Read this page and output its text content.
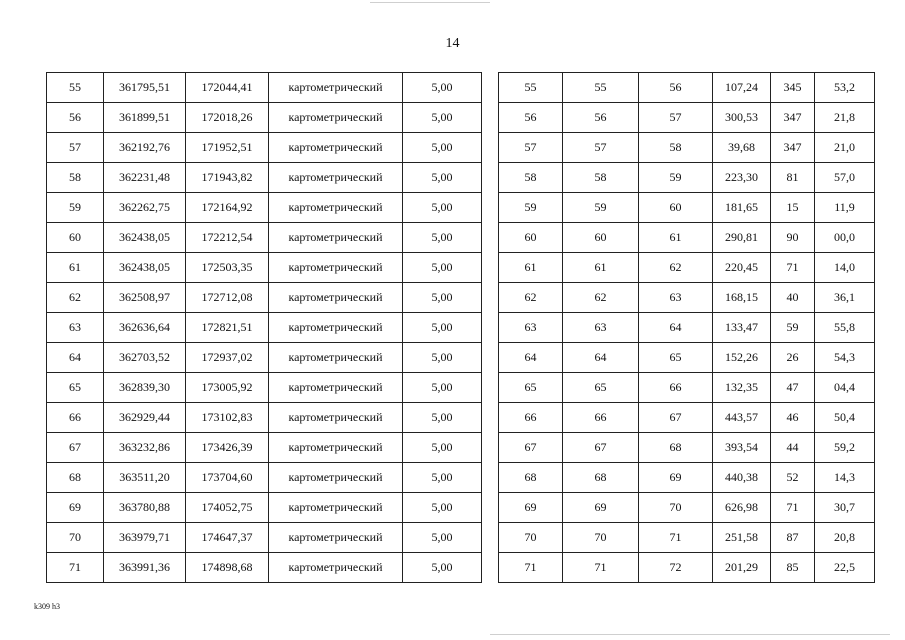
14
55	361795,51	172044,41	картометрический	5,00
56	361899,51	172018,26	картометрический	5,00
57	362192,76	171952,51	картометрический	5,00
58	362231,48	171943,82	картометрический	5,00
59	362262,75	172164,92	картометрический	5,00
60	362438,05	172212,54	картометрический	5,00
61	362438,05	172503,35	картометрический	5,00
62	362508,97	172712,08	картометрический	5,00
63	362636,64	172821,51	картометрический	5,00
64	362703,52	172937,02	картометрический	5,00
65	362839,30	173005,92	картометрический	5,00
66	362929,44	173102,83	картометрический	5,00
67	363232,86	173426,39	картометрический	5,00
68	363511,20	173704,60	картометрический	5,00
69	363780,88	174052,75	картометрический	5,00
70	363979,71	174647,37	картометрический	5,00
71	363991,36	174898,68	картометрический	5,00
55	55	56	107,24	345	53,2
56	56	57	300,53	347	21,8
57	57	58	39,68	347	21,0
58	58	59	223,30	81	57,0
59	59	60	181,65	15	11,9
60	60	61	290,81	90	00,0
61	61	62	220,45	71	14,0
62	62	63	168,15	40	36,1
63	63	64	133,47	59	55,8
64	64	65	152,26	26	54,3
65	65	66	132,35	47	04,4
66	66	67	443,57	46	50,4
67	67	68	393,54	44	59,2
68	68	69	440,38	52	14,3
69	69	70	626,98	71	30,7
70	70	71	251,58	87	20,8
71	71	72	201,29	85	22,5
k309 h3
